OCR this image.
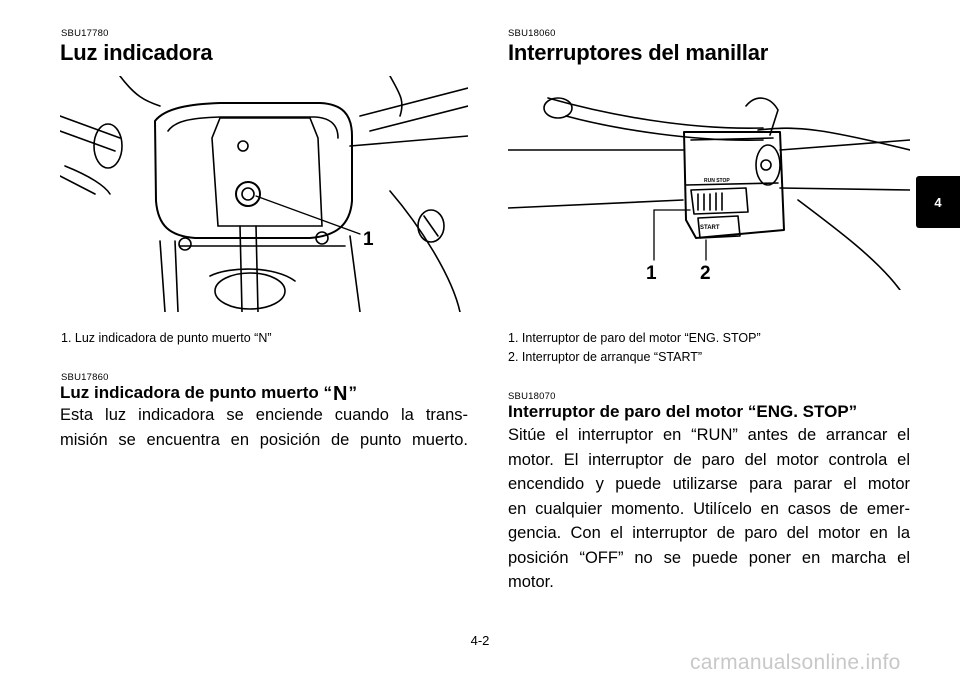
SBU17780
Luz indicadora
1
1. Luz indicadora de punto muerto “N”
SBU17860
Luz indicadora de punto muerto “N”
Esta luz indicadora se enciende cuando la trans-
misión se encuentra en posición de punto muerto.
SBU18060
Interruptores del manillar
RUN STOP
START
1 2
1. Interruptor de paro del motor “ENG. STOP”
2. Interruptor de arranque “START”
SBU18070
Interruptor de paro del motor “ENG. STOP”
Sitúe el interruptor en “RUN” antes de arrancar el
motor. El interruptor de paro del motor controla el
encendido y puede utilizarse para parar el motor
en cualquier momento. Utilícelo en casos de emer-
gencia. Con el interruptor de paro del motor en la
posición “OFF” no se puede poner en marcha el
motor.
4
4-2
carmanualsonline.info
